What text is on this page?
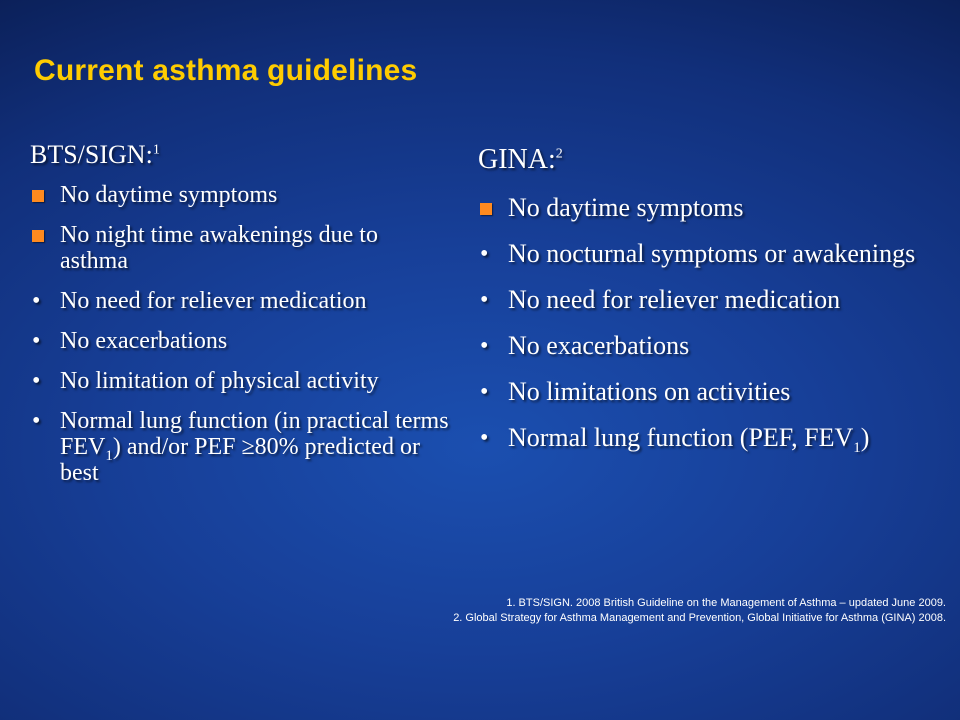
Current asthma guidelines
BTS/SIGN:$^1$
No daytime symptoms
No night time awakenings due to asthma
• No need for reliever medication
• No exacerbations
• No limitation of physical activity
• Normal lung function (in practical terms $FEV_1$) and/or PEF ≥80% predicted or best
GINA:$^2$
No daytime symptoms
• No nocturnal symptoms or awakenings
• No need for reliever medication
• No exacerbations
• No limitations on activities
• Normal lung function (PEF, $FEV_1$)
1. BTS/SIGN. 2008 British Guideline on the Management of Asthma – updated June 2009.
2. Global Strategy for Asthma Management and Prevention, Global Initiative for Asthma (GINA) 2008.
